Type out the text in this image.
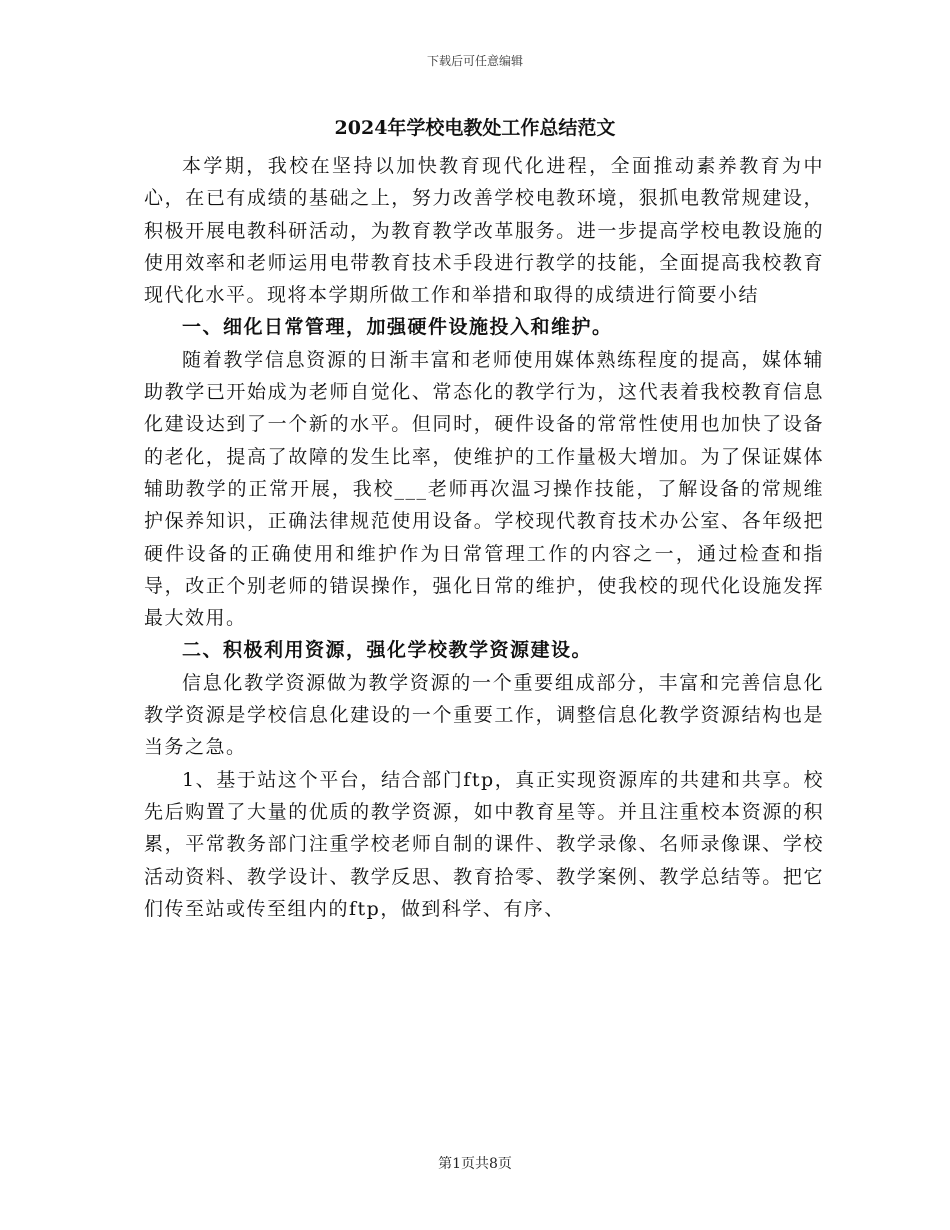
下载后可任意编辑
2024年学校电教处工作总结范文

本学期，我校在坚持以加快教育现代化进程，全面推动素养教育为中心，在已有成绩的基础之上，努力改善学校电教环境，狠抓电教常规建设，积极开展电教科研活动，为教育教学改革服务。进一步提高学校电教设施的使用效率和老师运用电带教育技术手段进行教学的技能，全面提高我校教育现代化水平。现将本学期所做工作和举措和取得的成绩进行简要小结

一、细化日常管理，加强硬件设施投入和维护。

随着教学信息资源的日渐丰富和老师使用媒体熟练程度的提高，媒体辅助教学已开始成为老师自觉化、常态化的教学行为，这代表着我校教育信息化建设达到了一个新的水平。但同时，硬件设备的常常性使用也加快了设备的老化，提高了故障的发生比率，使维护的工作量极大增加。为了保证媒体辅助教学的正常开展，我校___老师再次温习操作技能，了解设备的常规维护保养知识，正确法律规范使用设备。学校现代教育技术办公室、各年级把硬件设备的正确使用和维护作为日常管理工作的内容之一，通过检查和指导，改正个别老师的错误操作，强化日常的维护，使我校的现代化设施发挥最大效用。

二、积极利用资源，强化学校教学资源建设。

信息化教学资源做为教学资源的一个重要组成部分，丰富和完善信息化教学资源是学校信息化建设的一个重要工作，调整信息化教学资源结构也是当务之急。

1、基于站这个平台，结合部门ftp，真正实现资源库的共建和共享。校先后购置了大量的优质的教学资源，如中教育星等。并且注重校本资源的积累，平常教务部门注重学校老师自制的课件、教学录像、名师录像课、学校活动资料、教学设计、教学反思、教育拾零、教学案例、教学总结等。把它们传至站或传至组内的ftp，做到科学、有序、

第1页共8页
